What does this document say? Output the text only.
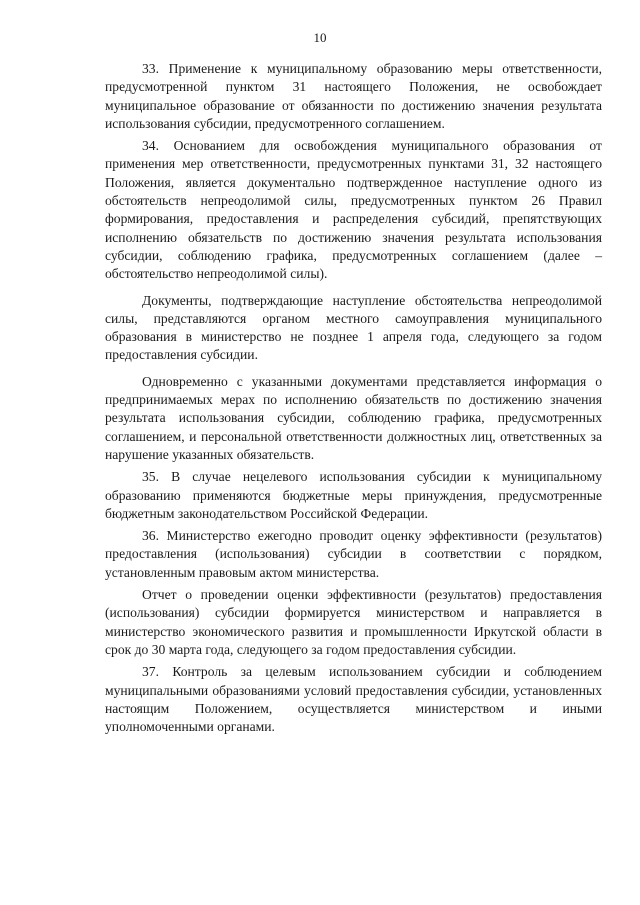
10

33. Применение к муниципальному образованию меры ответственности, предусмотренной пунктом 31 настоящего Положения, не освобождает муниципальное образование от обязанности по достижению значения результата использования субсидии, предусмотренного соглашением.

34. Основанием для освобождения муниципального образования от применения мер ответственности, предусмотренных пунктами 31, 32 настоящего Положения, является документально подтвержденное наступление одного из обстоятельств непреодолимой силы, предусмотренных пунктом 26 Правил формирования, предоставления и распределения субсидий, препятствующих исполнению обязательств по достижению значения результата использования субсидии, соблюдению графика, предусмотренных соглашением (далее – обстоятельство непреодолимой силы).

Документы, подтверждающие наступление обстоятельства непреодолимой силы, представляются органом местного самоуправления муниципального образования в министерство не позднее 1 апреля года, следующего за годом предоставления субсидии.

Одновременно с указанными документами представляется информация о предпринимаемых мерах по исполнению обязательств по достижению значения результата использования субсидии, соблюдению графика, предусмотренных соглашением, и персональной ответственности должностных лиц, ответственных за нарушение указанных обязательств.

35. В случае нецелевого использования субсидии к муниципальному образованию применяются бюджетные меры принуждения, предусмотренные бюджетным законодательством Российской Федерации.

36. Министерство ежегодно проводит оценку эффективности (результатов) предоставления (использования) субсидии в соответствии с порядком, установленным правовым актом министерства.

Отчет о проведении оценки эффективности (результатов) предоставления (использования) субсидии формируется министерством и направляется в министерство экономического развития и промышленности Иркутской области в срок до 30 марта года, следующего за годом предоставления субсидии.

37. Контроль за целевым использованием субсидии и соблюдением муниципальными образованиями условий предоставления субсидии, установленных настоящим Положением, осуществляется министерством и иными уполномоченными органами.
